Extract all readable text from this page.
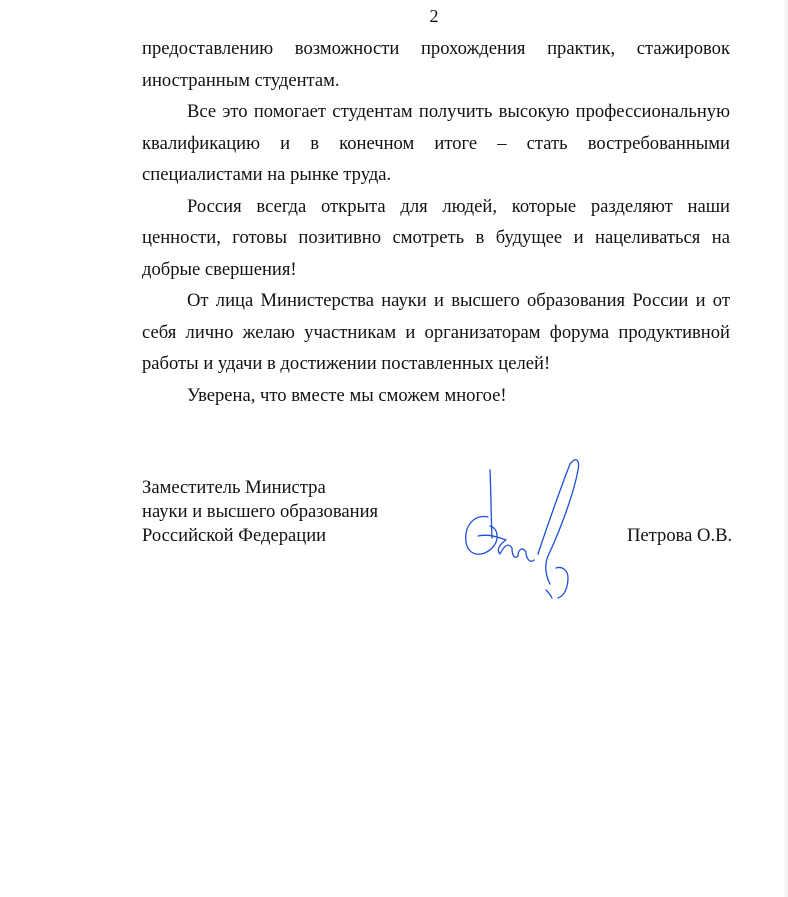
2

предоставлению возможности прохождения практик, стажировок иностранным студентам.

Все это помогает студентам получить высокую профессиональную квалификацию и в конечном итоге – стать востребованными специалистами на рынке труда.

Россия всегда открыта для людей, которые разделяют наши ценности, готовы позитивно смотреть в будущее и нацеливаться на добрые свершения!

От лица Министерства науки и высшего образования России и от себя лично желаю участникам и организаторам форума продуктивной работы и удачи в достижении поставленных целей!

Уверена, что вместе мы сможем многое!

Заместитель Министра
науки и высшего образования
Российской Федерации	Петрова О.В.
